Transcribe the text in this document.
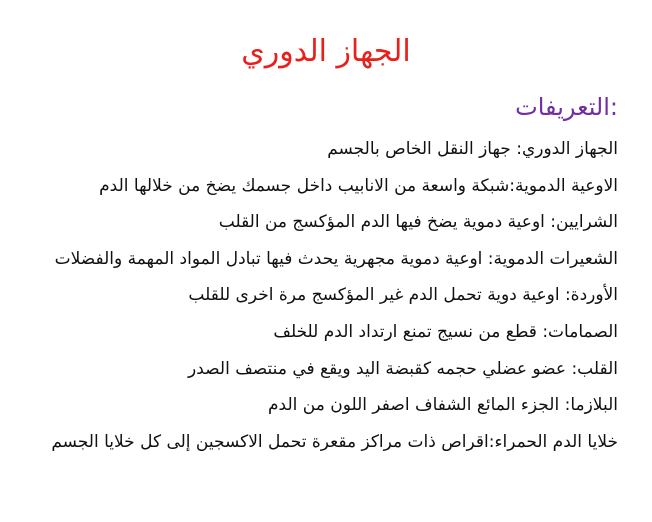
الجهاز الدوري
:التعريفات
الجهاز الدوري: جهاز النقل الخاص بالجسم
الاوعية الدموية:شبكة واسعة من الانابيب داخل جسمك يضخ من خلالها الدم
الشرايين: اوعية دموية يضخ فيها الدم المؤكسج من القلب
الشعيرات الدموية: اوعية دموية مجهرية يحدث فيها تبادل المواد المهمة والفضلات
الأوردة: اوعية دوية تحمل الدم غير المؤكسج مرة اخرى للقلب
الصمامات: قطع من نسيج تمنع ارتداد الدم للخلف
القلب: عضو عضلي حجمه كقبضة اليد ويقع في منتصف الصدر
البلازما: الجزء المائع الشفاف اصفر اللون من الدم
خلايا الدم الحمراء:اقراص ذات مراكز مقعرة تحمل الاكسجين إلى كل خلايا الجسم
